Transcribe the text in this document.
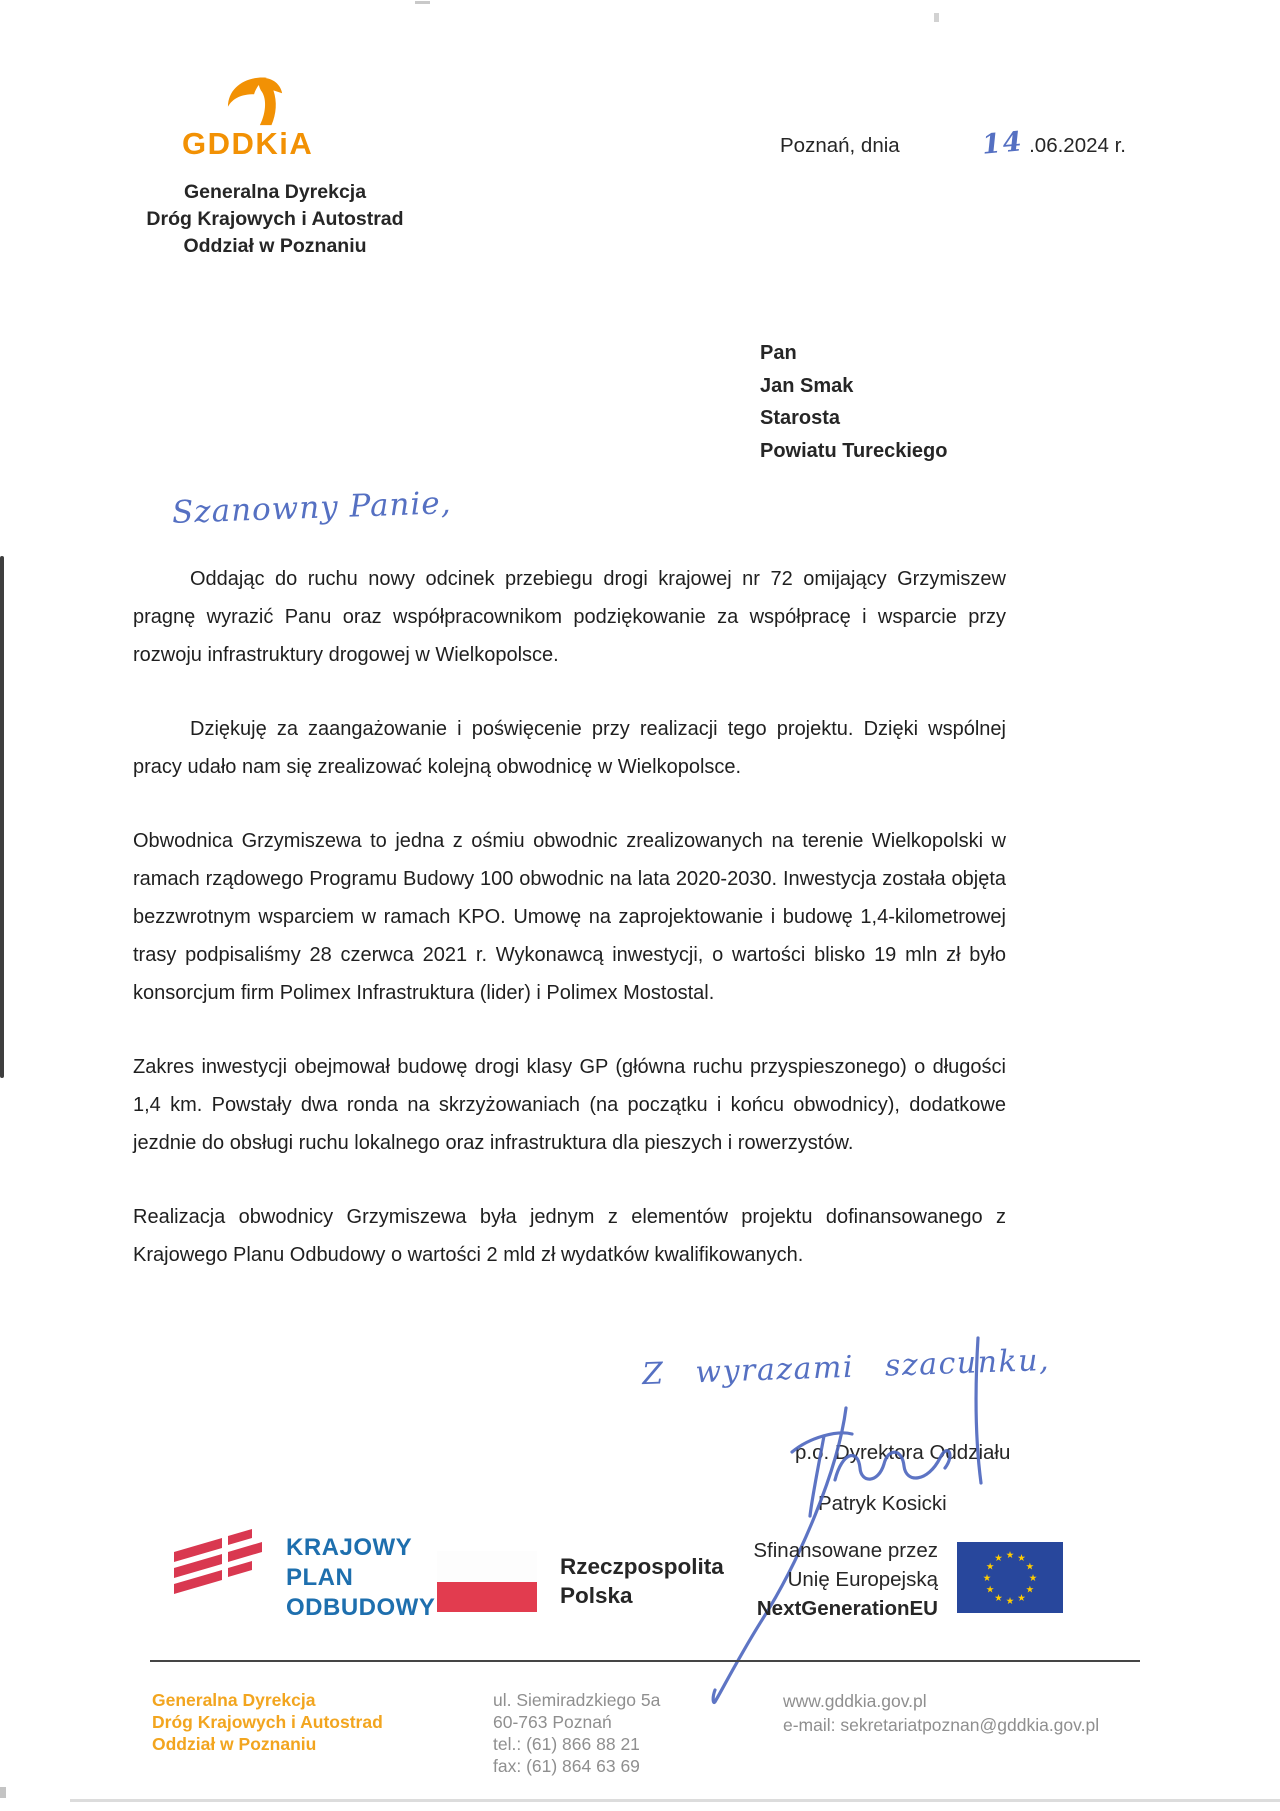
GDDKiA
Generalna Dyrekcja
Dróg Krajowych i Autostrad
Oddział w Poznaniu
Poznań, dnia	14 .06.2024 r.
Pan
Jan Smak
Starosta
Powiatu Tureckiego
Szanowny Panie,

Oddając do ruchu nowy odcinek przebiegu drogi krajowej nr 72 omijający Grzymiszew pragnę wyrazić Panu oraz współpracownikom podziękowanie za współpracę i wsparcie przy rozwoju infrastruktury drogowej w Wielkopolsce.

Dziękuję za zaangażowanie i poświęcenie przy realizacji tego projektu. Dzięki wspólnej pracy udało nam się zrealizować kolejną obwodnicę w Wielkopolsce.

Obwodnica Grzymiszewa to jedna z ośmiu obwodnic zrealizowanych na terenie Wielkopolski w ramach rządowego Programu Budowy 100 obwodnic na lata 2020-2030. Inwestycja została objęta bezzwrotnym wsparciem w ramach KPO. Umowę na zaprojektowanie i budowę 1,4-kilometrowej trasy podpisaliśmy 28 czerwca 2021 r. Wykonawcą inwestycji, o wartości blisko 19 mln zł było konsorcjum firm Polimex Infrastruktura (lider) i Polimex Mostostal.

Zakres inwestycji obejmował budowę drogi klasy GP (główna ruchu przyspieszonego) o długości 1,4 km. Powstały dwa ronda na skrzyżowaniach (na początku i końcu obwodnicy), dodatkowe jezdnie do obsługi ruchu lokalnego oraz infrastruktura dla pieszych i rowerzystów.

Realizacja obwodnicy Grzymiszewa była jednym z elementów projektu dofinansowanego z Krajowego Planu Odbudowy o wartości 2 mld zł wydatków kwalifikowanych.

Z wyrazami szacunku,
p.o. Dyrektora Oddziału
Patryk Kosicki
KRAJOWY
PLAN
ODBUDOWY
Rzeczpospolita
Polska
Sfinansowane przez
Unię Europejską
NextGenerationEU
★ ★
★
★
★
★
★
★
★
★
★
★
Generalna Dyrekcja
Dróg Krajowych i Autostrad
Oddział w Poznaniu
ul. Siemiradzkiego 5a
60-763 Poznań
tel.: (61) 866 88 21
fax: (61) 864 63 69
www.gddkia.gov.pl
e-mail: sekretariatpoznan@gddkia.gov.pl
